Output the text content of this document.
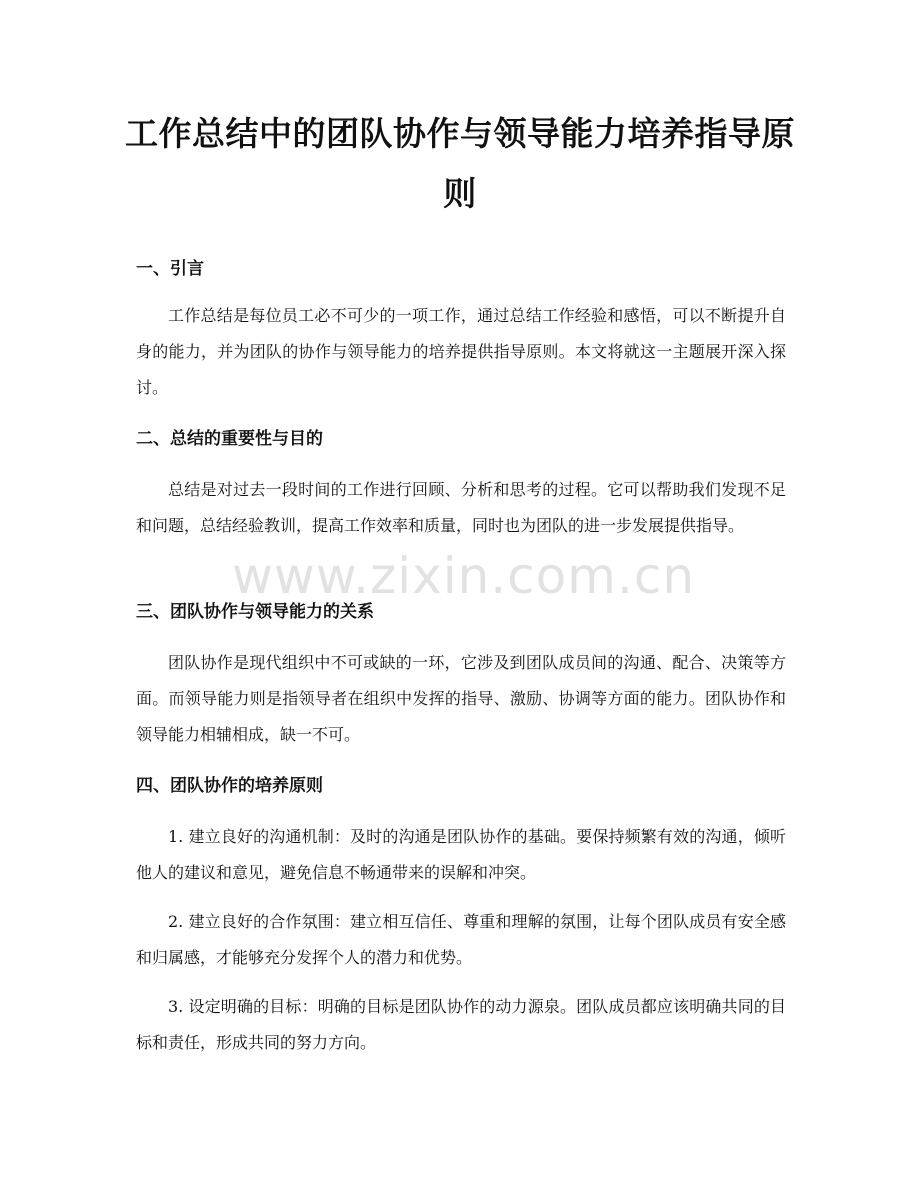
工作总结中的团队协作与领导能力培养指导原则
一、引言

工作总结是每位员工必不可少的一项工作，通过总结工作经验和感悟，可以不断提升自身的能力，并为团队的协作与领导能力的培养提供指导原则。本文将就这一主题展开深入探讨。

二、总结的重要性与目的

总结是对过去一段时间的工作进行回顾、分析和思考的过程。它可以帮助我们发现不足和问题，总结经验教训，提高工作效率和质量，同时也为团队的进一步发展提供指导。

三、团队协作与领导能力的关系

团队协作是现代组织中不可或缺的一环，它涉及到团队成员间的沟通、配合、决策等方面。而领导能力则是指领导者在组织中发挥的指导、激励、协调等方面的能力。团队协作和领导能力相辅相成，缺一不可。

四、团队协作的培养原则

1. 建立良好的沟通机制：及时的沟通是团队协作的基础。要保持频繁有效的沟通，倾听他人的建议和意见，避免信息不畅通带来的误解和冲突。

2. 建立良好的合作氛围：建立相互信任、尊重和理解的氛围，让每个团队成员有安全感和归属感，才能够充分发挥个人的潜力和优势。

3. 设定明确的目标：明确的目标是团队协作的动力源泉。团队成员都应该明确共同的目标和责任，形成共同的努力方向。

www.zixin.com.cn
